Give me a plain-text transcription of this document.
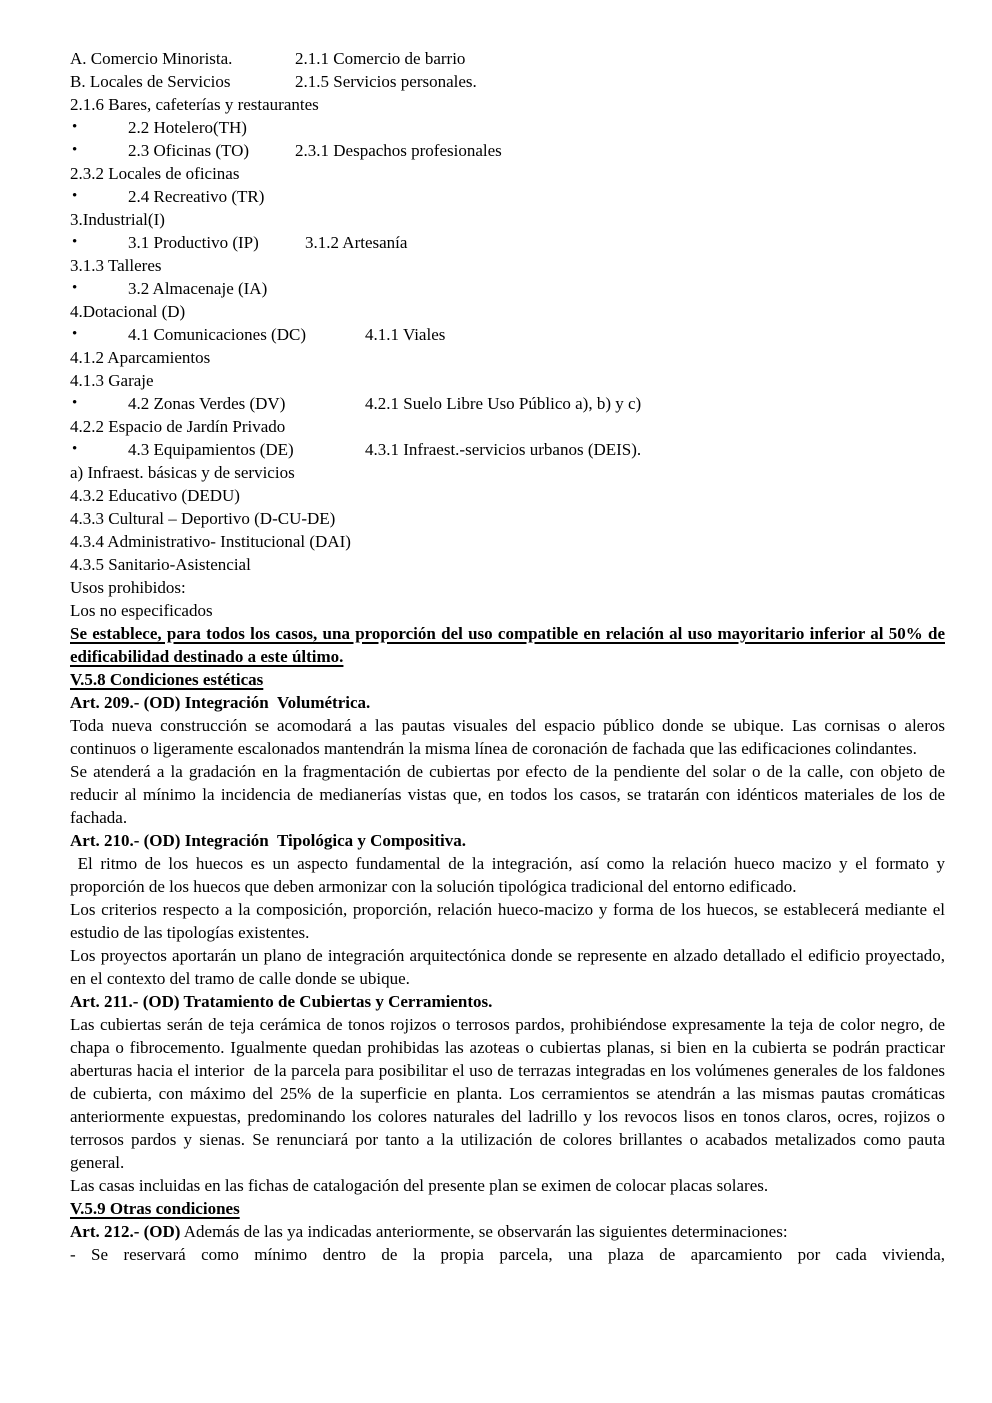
A. Comercio Minorista.	2.1.1 Comercio de barrio
B. Locales de Servicios	2.1.5 Servicios personales.
2.1.6 Bares, cafeterías y restaurantes
•	2.2 Hotelero(TH)
•	2.3 Oficinas (TO)	2.3.1 Despachos profesionales
2.3.2 Locales de oficinas
•	2.4 Recreativo (TR)
3.Industrial(I)
•	3.1 Productivo (IP)	3.1.2 Artesanía
3.1.3 Talleres
•	3.2 Almacenaje (IA)
4.Dotacional (D)
•	4.1 Comunicaciones (DC)	4.1.1 Viales
4.1.2 Aparcamientos
4.1.3 Garaje
•	4.2 Zonas Verdes (DV)	4.2.1 Suelo Libre Uso Público a), b) y c)
4.2.2 Espacio de Jardín Privado
•	4.3 Equipamientos (DE)	4.3.1 Infraest.-servicios urbanos (DEIS).
a) Infraest. básicas y de servicios
4.3.2 Educativo (DEDU)
4.3.3 Cultural – Deportivo (D-CU-DE)
4.3.4 Administrativo- Institucional (DAI)
4.3.5 Sanitario-Asistencial
Usos prohibidos:
Los no especificados

Se establece, para todos los casos, una proporción del uso compatible en relación al uso mayoritario inferior al 50% de edificabilidad destinado a este último.

V.5.8 Condiciones estéticas

Art. 209.- (OD) Integración  Volumétrica.

Toda nueva construcción se acomodará a las pautas visuales del espacio público donde se ubique. Las cornisas o aleros continuos o ligeramente escalonados mantendrán la misma línea de coronación de fachada que las edificaciones colindantes.

Se atenderá a la gradación en la fragmentación de cubiertas por efecto de la pendiente del solar o de la calle, con objeto de reducir al mínimo la incidencia de medianerías vistas que, en todos los casos, se tratarán con idénticos materiales de los de fachada.

Art. 210.- (OD) Integración  Tipológica y Compositiva.

El ritmo de los huecos es un aspecto fundamental de la integración, así como la relación hueco macizo y el formato y proporción de los huecos que deben armonizar con la solución tipológica tradicional del entorno edificado.

Los criterios respecto a la composición, proporción, relación hueco-macizo y forma de los huecos, se establecerá mediante el estudio de las tipologías existentes.

Los proyectos aportarán un plano de integración arquitectónica donde se represente en alzado detallado el edificio proyectado, en el contexto del tramo de calle donde se ubique.

Art. 211.- (OD) Tratamiento de Cubiertas y Cerramientos.

Las cubiertas serán de teja cerámica de tonos rojizos o terrosos pardos, prohibiéndose expresamente la teja de color negro, de chapa o fibrocemento. Igualmente quedan prohibidas las azoteas o cubiertas planas, si bien en la cubierta se podrán practicar aberturas hacia el interior  de la parcela para posibilitar el uso de terrazas integradas en los volúmenes generales de los faldones de cubierta, con máximo del 25% de la superficie en planta. Los cerramientos se atendrán a las mismas pautas cromáticas anteriormente expuestas, predominando los colores naturales del ladrillo y los revocos lisos en tonos claros, ocres, rojizos o terrosos pardos y sienas. Se renunciará por tanto a la utilización de colores brillantes o acabados metalizados como pauta general.

Las casas incluidas en las fichas de catalogación del presente plan se eximen de colocar placas solares.

V.5.9 Otras condiciones

Art. 212.- (OD) Además de las ya indicadas anteriormente, se observarán las siguientes determinaciones:

- Se reservará como mínimo dentro de la propia parcela, una plaza de aparcamiento por cada vivienda,
